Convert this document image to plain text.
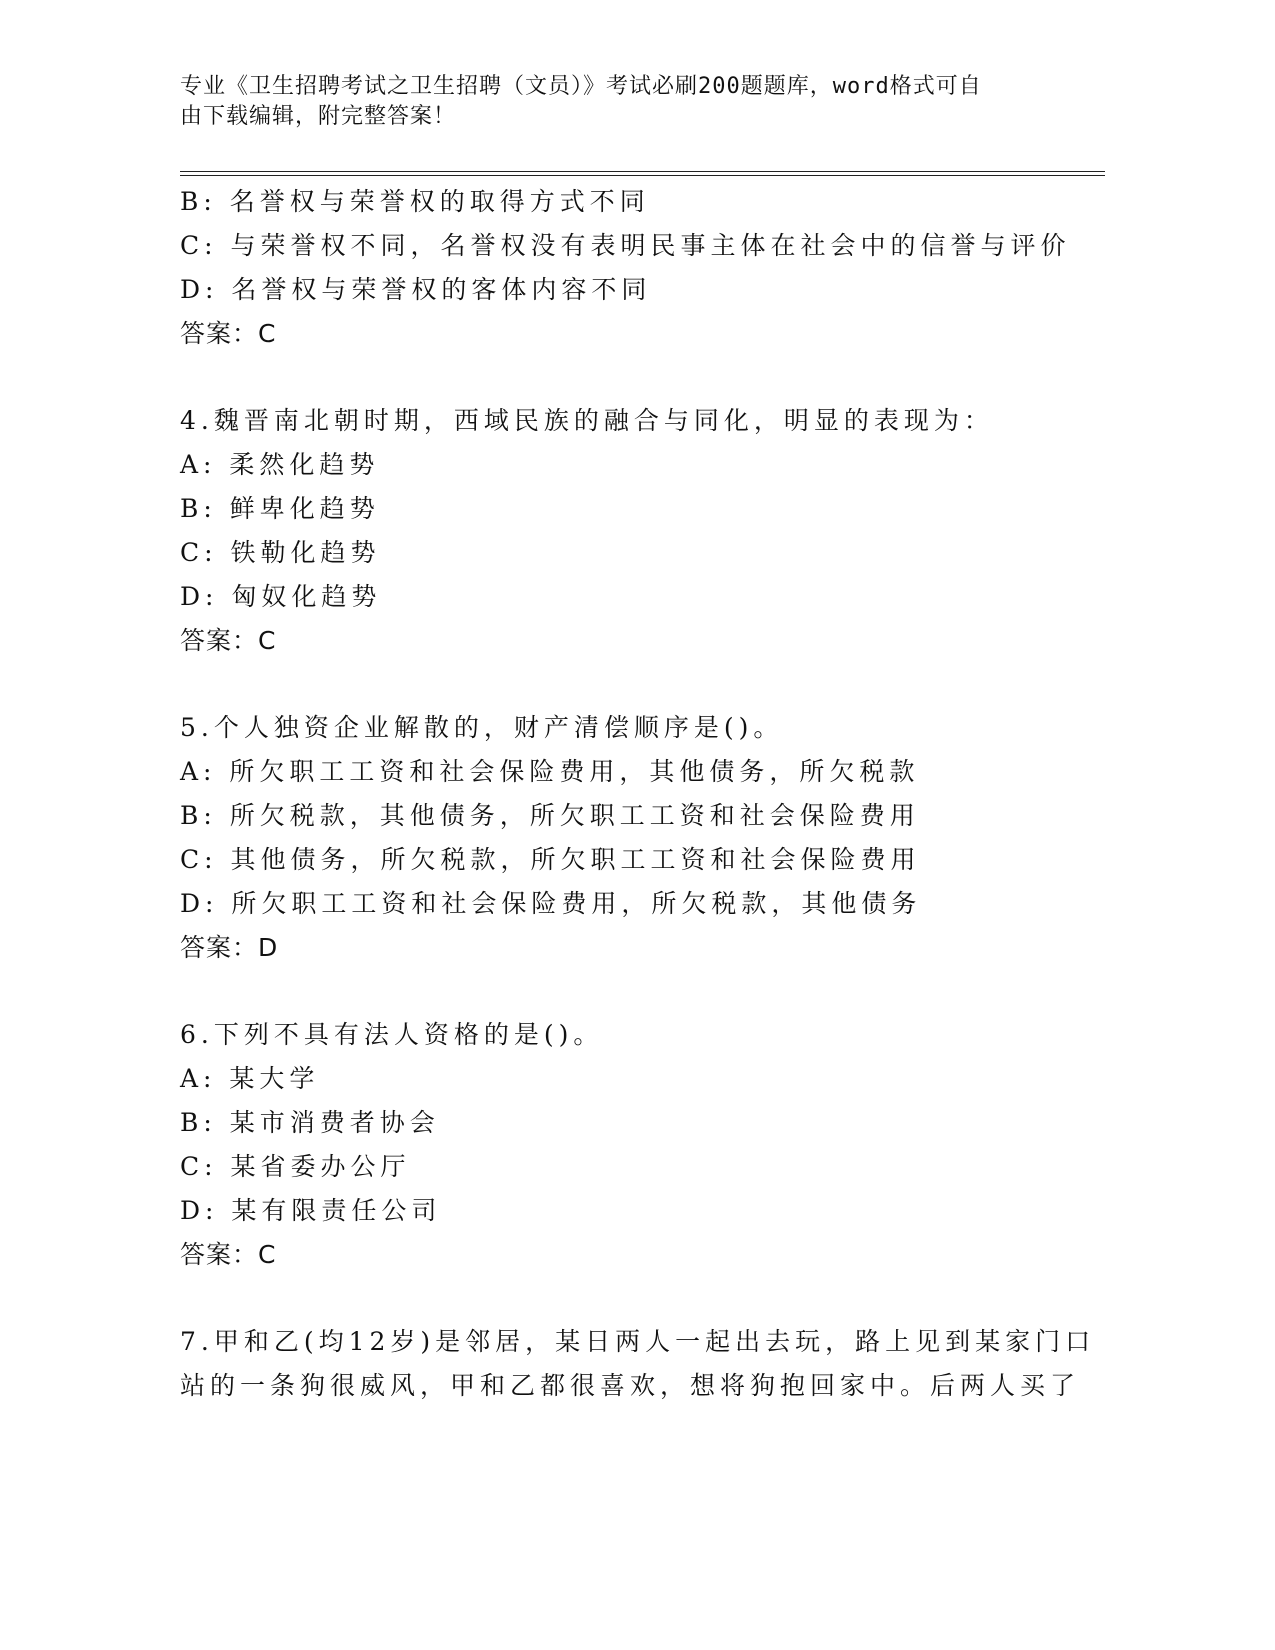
专业《卫生招聘考试之卫生招聘（文员）》考试必刷200题题库，word格式可自
由下载编辑，附完整答案！
B: 名誉权与荣誉权的取得方式不同
C: 与荣誉权不同，名誉权没有表明民事主体在社会中的信誉与评价
D: 名誉权与荣誉权的客体内容不同
答案：C
4.魏晋南北朝时期，西域民族的融合与同化，明显的表现为：
A: 柔然化趋势
B: 鲜卑化趋势
C: 铁勒化趋势
D: 匈奴化趋势
答案：C
5.个人独资企业解散的，财产清偿顺序是()。
A: 所欠职工工资和社会保险费用，其他债务，所欠税款
B: 所欠税款，其他债务，所欠职工工资和社会保险费用
C: 其他债务，所欠税款，所欠职工工资和社会保险费用
D: 所欠职工工资和社会保险费用，所欠税款，其他债务
答案：D
6.下列不具有法人资格的是()。
A: 某大学
B: 某市消费者协会
C: 某省委办公厅
D: 某有限责任公司
答案：C
7.甲和乙(均12岁)是邻居，某日两人一起出去玩，路上见到某家门口
站的一条狗很威风，甲和乙都很喜欢，想将狗抱回家中。后两人买了
